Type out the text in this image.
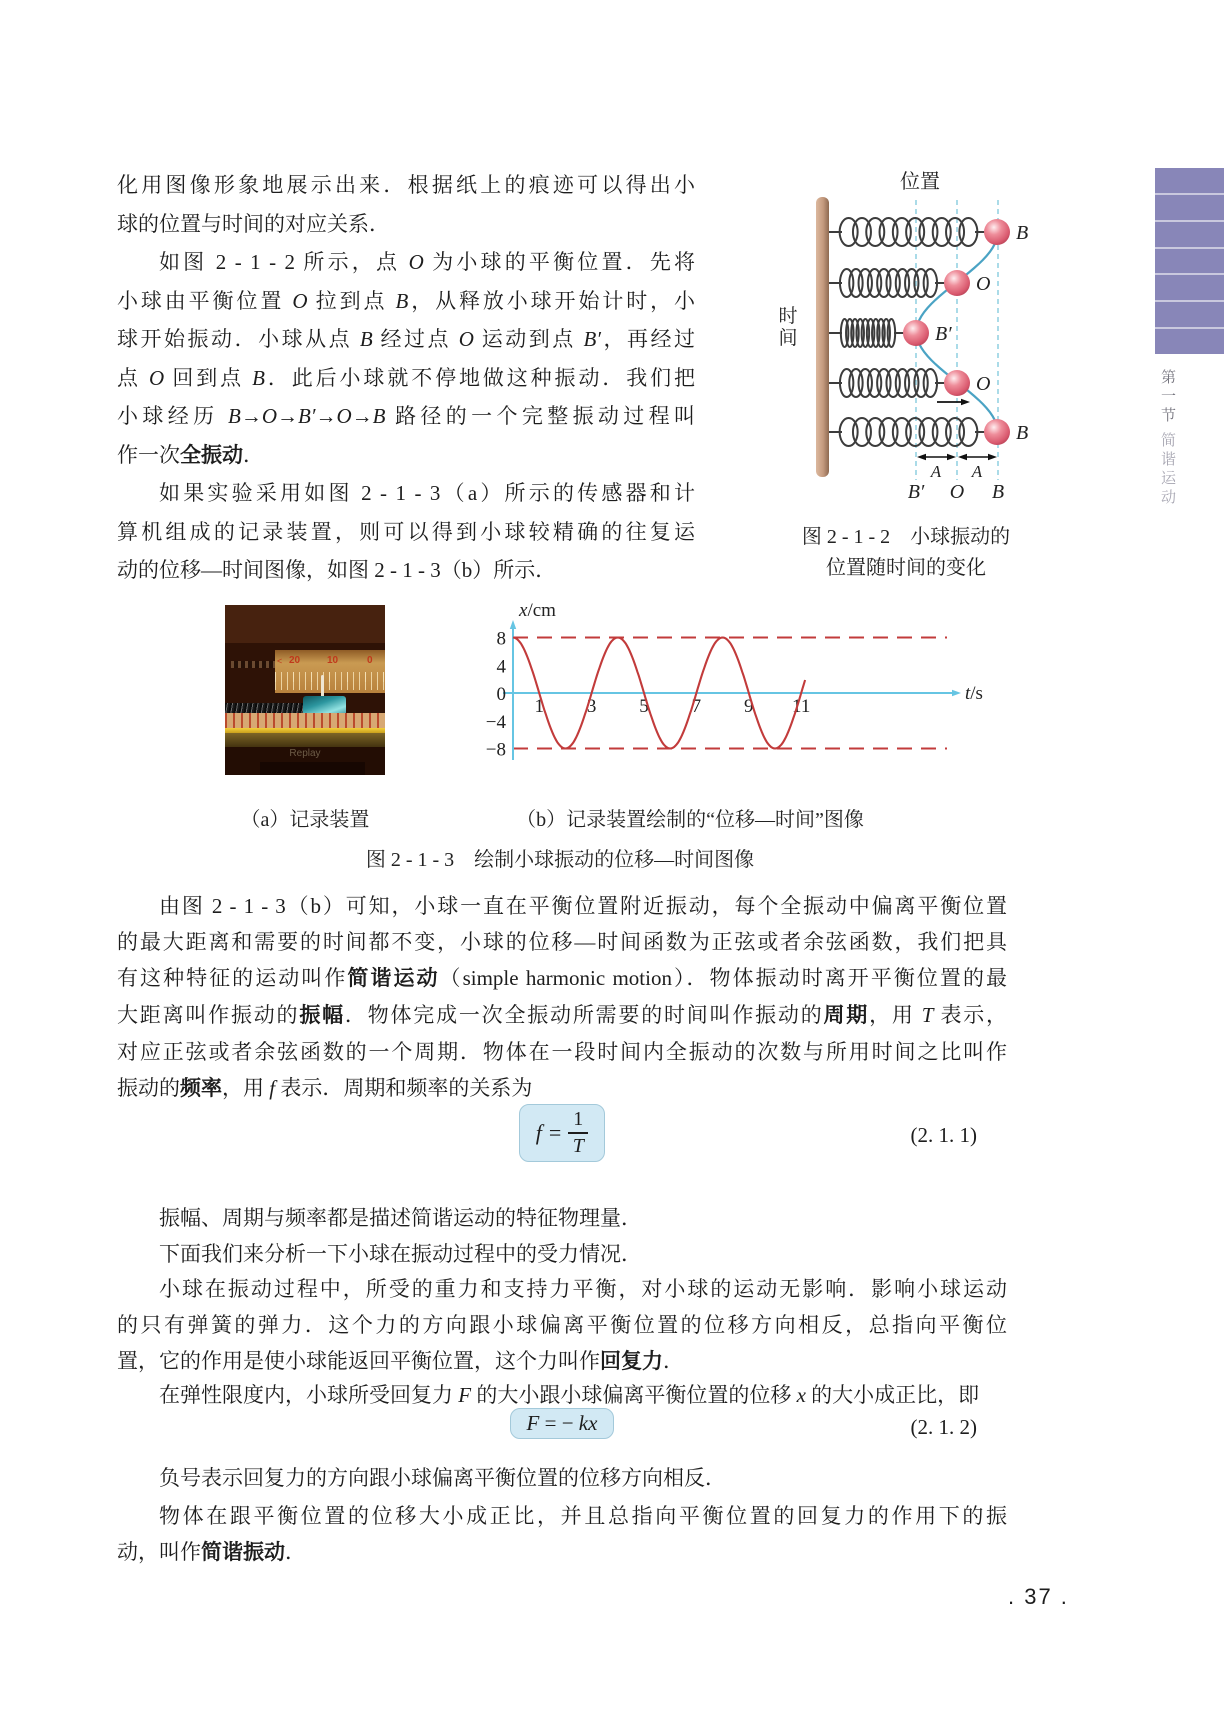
第一节
简谐运动
化用图像形象地展示出来．根据纸上的痕迹可以得出小
球的位置与时间的对应关系．
如图 2 - 1 - 2 所示，点 O 为小球的平衡位置．先将
小球由平衡位置 O 拉到点 B，从释放小球开始计时，小
球开始振动．小球从点 B 经过点 O 运动到点 B′，再经过
点 O 回到点 B．此后小球就不停地做这种振动．我们把
小球经历 B→O→B′→O→B 路径的一个完整振动过程叫
作一次全振动．
如果实验采用如图 2 - 1 - 3（a）所示的传感器和计
算机组成的记录装置，则可以得到小球较精确的往复运
动的位移—时间图像，如图 2 - 1 - 3（b）所示．
位置
B
O
B′
O
B
A A
B′ O B
时
间
图 2 - 1 - 2　小球振动的
位置随时间的变化
< 20	10	0
Replay
8
4
0
−4
−8
1 3 5 7 9 11
x/cm
t/s
（a）记录装置	（b）记录装置绘制的“位移—时间”图像
图 2 - 1 - 3　绘制小球振动的位移—时间图像
由图 2 - 1 - 3（b）可知，小球一直在平衡位置附近振动，每个全振动中偏离平衡位置
的最大距离和需要的时间都不变，小球的位移—时间函数为正弦或者余弦函数，我们把具
有这种特征的运动叫作简谐运动（simple harmonic motion）．物体振动时离开平衡位置的最
大距离叫作振动的振幅．物体完成一次全振动所需要的时间叫作振动的周期，用 T 表示，
对应正弦或者余弦函数的一个周期．物体在一段时间内全振动的次数与所用时间之比叫作
振动的频率，用 f 表示．周期和频率的关系为
$f = \frac{1}{T}$	(2. 1. 1)
振幅、周期与频率都是描述简谐运动的特征物理量．
下面我们来分析一下小球在振动过程中的受力情况．
小球在振动过程中，所受的重力和支持力平衡，对小球的运动无影响．影响小球运动
的只有弹簧的弹力．这个力的方向跟小球偏离平衡位置的位移方向相反，总指向平衡位
置，它的作用是使小球能返回平衡位置，这个力叫作回复力．
在弹性限度内，小球所受回复力 F 的大小跟小球偏离平衡位置的位移 x 的大小成正比，即
F = − kx	(2. 1. 2)
负号表示回复力的方向跟小球偏离平衡位置的位移方向相反．
物体在跟平衡位置的位移大小成正比，并且总指向平衡位置的回复力的作用下的振
动，叫作简谐振动．
. 37 .
